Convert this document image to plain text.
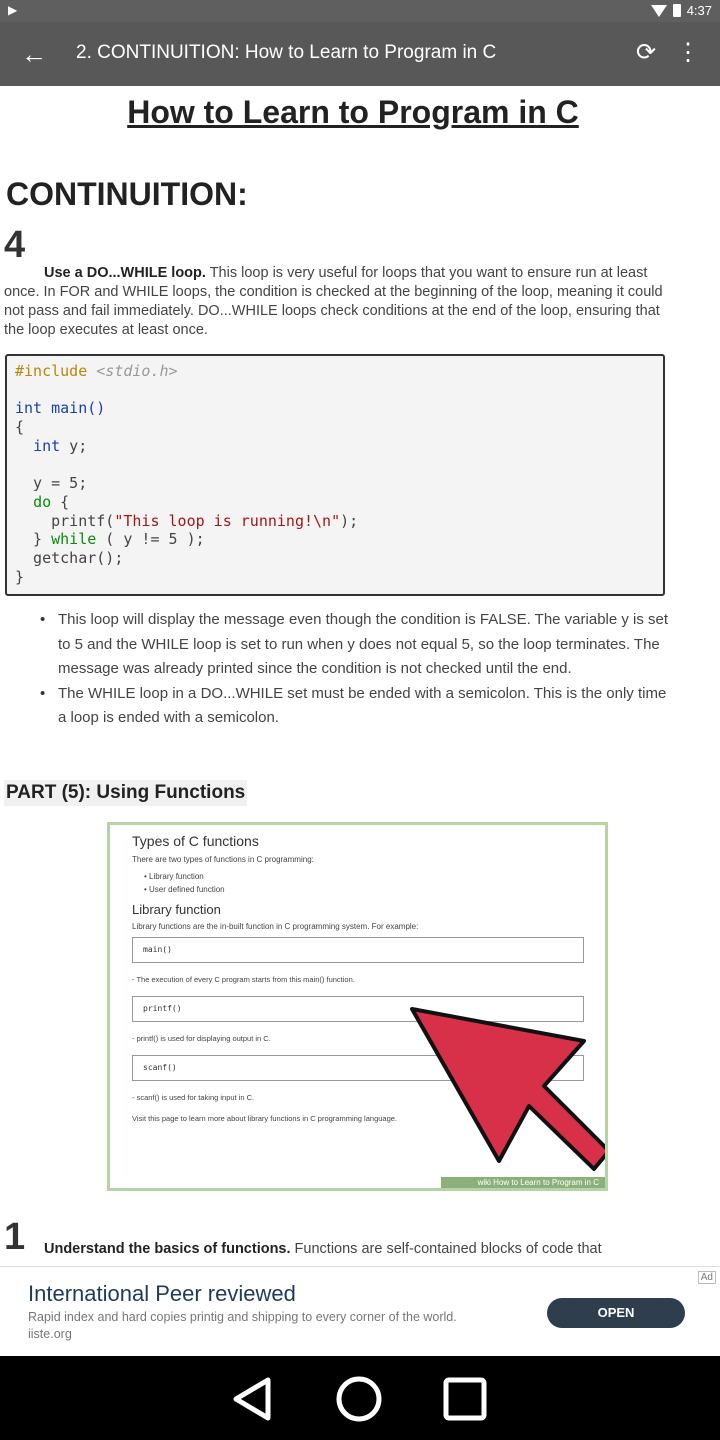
▶	4:37
← 2. CONTINUITION: How to Learn to Program in C	⟳ ⋮
How to Learn to Program in C
CONTINUITION:
4
Use a DO...WHILE loop. This loop is very useful for loops that you want to ensure run at least once. In FOR and WHILE loops, the condition is checked at the beginning of the loop, meaning it could not pass and fail immediately. DO...WHILE loops check conditions at the end of the loop, ensuring that the loop executes at least once.
#include <stdio.h>

int main()
{
int y;

y = 5;
do {
printf("This loop is running!\n");
} while ( y != 5 );
getchar();
}
• This loop will display the message even though the condition is FALSE. The variable y is set to 5 and the WHILE loop is set to run when y does not equal 5, so the loop terminates. The message was already printed since the condition is not checked until the end.
• The WHILE loop in a DO...WHILE set must be ended with a semicolon. This is the only time a loop is ended with a semicolon.
PART (5): Using Functions
Types of C functions
There are two types of functions in C programming:
• Library function
• User defined function
Library function
Library functions are the in-built function in C programming system. For example:
main()
- The execution of every C program starts from this main() function.
printf()
- printf() is used for displaying output in C.
scanf()
- scanf() is used for taking input in C.
Visit this page to learn more about library functions in C programming language.
wiki How to Learn to Program in C
1 Understand the basics of functions. Functions are self-contained blocks of code that
Ad
International Peer reviewed
Rapid index and hard copies printig and shipping to every corner of the world.
iiste.org
OPEN
